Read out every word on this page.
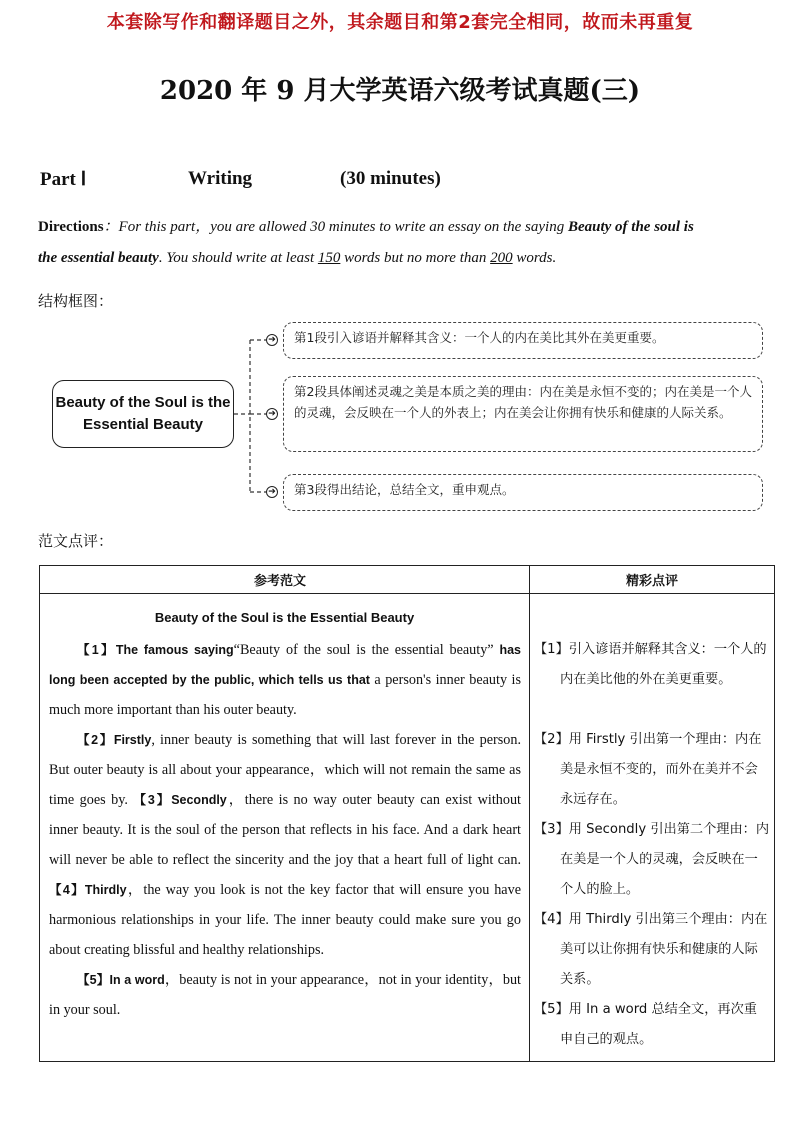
本套除写作和翻译题目之外，其余题目和第2套完全相同，故而未再重复
2020 年 9 月大学英语六级考试真题(三)
Part Ⅰ	Writing	(30 minutes)
Directions：For this part，you are allowed 30 minutes to write an essay on the saying Beauty of the soul is
the essential beauty. You should write at least 150 words but no more than 200 words.
结构框图：
➔
➔
➔
Beauty of the Soul is the Essential Beauty
第1段引入谚语并解释其含义：一个人的内在美比其外在美更重要。
第2段具体阐述灵魂之美是本质之美的理由：内在美是永恒不变的；内在美是一个人的灵魂，会反映在一个人的外表上；内在美会让你拥有快乐和健康的人际关系。
第3段得出结论，总结全文，重申观点。
范文点评：
参考范文	精彩点评
Beauty of the Soul is the Essential Beauty

【1】The famous saying“Beauty of the soul is the essential beauty” has long been accepted by the public, which tells us that a person's inner beauty is much more important than his outer beauty.

【2】Firstly, inner beauty is something that will last forever in the person. But outer beauty is all about your appearance，which will not remain the same as time goes by. 【3】Secondly，there is no way outer beauty can exist without inner beauty. It is the soul of the person that reflects in his face. And a dark heart will never be able to reflect the sincerity and the joy that a heart full of light can. 【4】Thirdly，the way you look is not the key factor that will ensure you have harmonious relationships in your life. The inner beauty could make sure you go about creating blissful and healthy relationships.

【5】In a word，beauty is not in your appearance，not in your identity，but in your soul.

【1】引入谚语并解释其含义：一个人的内在美比他的外在美更重要。

【2】用 Firstly 引出第一个理由：内在美是永恒不变的，而外在美并不会永远存在。

【3】用 Secondly 引出第二个理由：内在美是一个人的灵魂，会反映在一个人的脸上。

【4】用 Thirdly 引出第三个理由：内在美可以让你拥有快乐和健康的人际关系。

【5】用 In a word 总结全文，再次重申自己的观点。
